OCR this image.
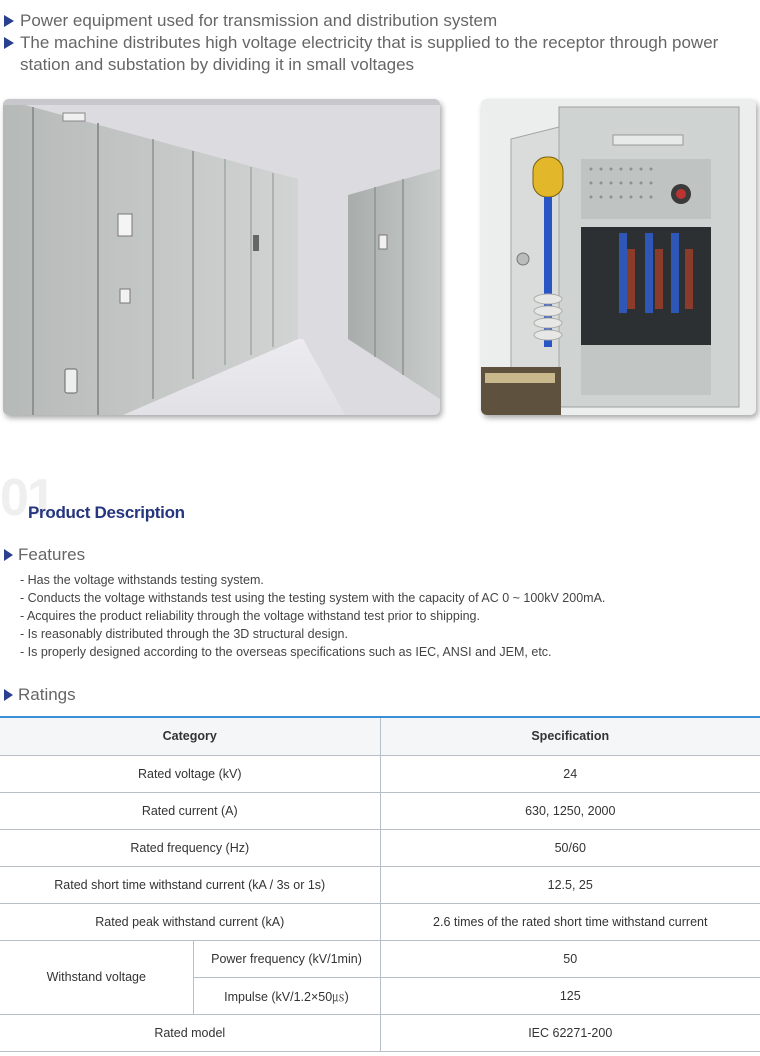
Power equipment used for transmission and distribution system

The machine distributes high voltage electricity that is supplied to the receptor through power station and substation by dividing it in small voltages

01
Product Description
Features
- Has the voltage withstands testing system.
- Conducts the voltage withstands test using the testing system with the capacity of AC 0 ~ 100kV 200mA.
- Acquires the product reliability through the voltage withstand test prior to shipping.
- Is reasonably distributed through the 3D structural design.
- Is properly designed according to the overseas specifications such as IEC, ANSI and JEM, etc.
Ratings
Category		Specification
Rated voltage (kV)		24
Rated current (A)		630, 1250, 2000
Rated frequency (Hz)		50/60
Rated short time withstand current (kA / 3s or 1s)		12.5, 25
Rated peak withstand current (kA)		2.6 times of the rated short time withstand current
Withstand voltage	Power frequency (kV/1min)	50
	Impulse (kV/1.2×50㎲)	125
Rated model		IEC 62271-200
